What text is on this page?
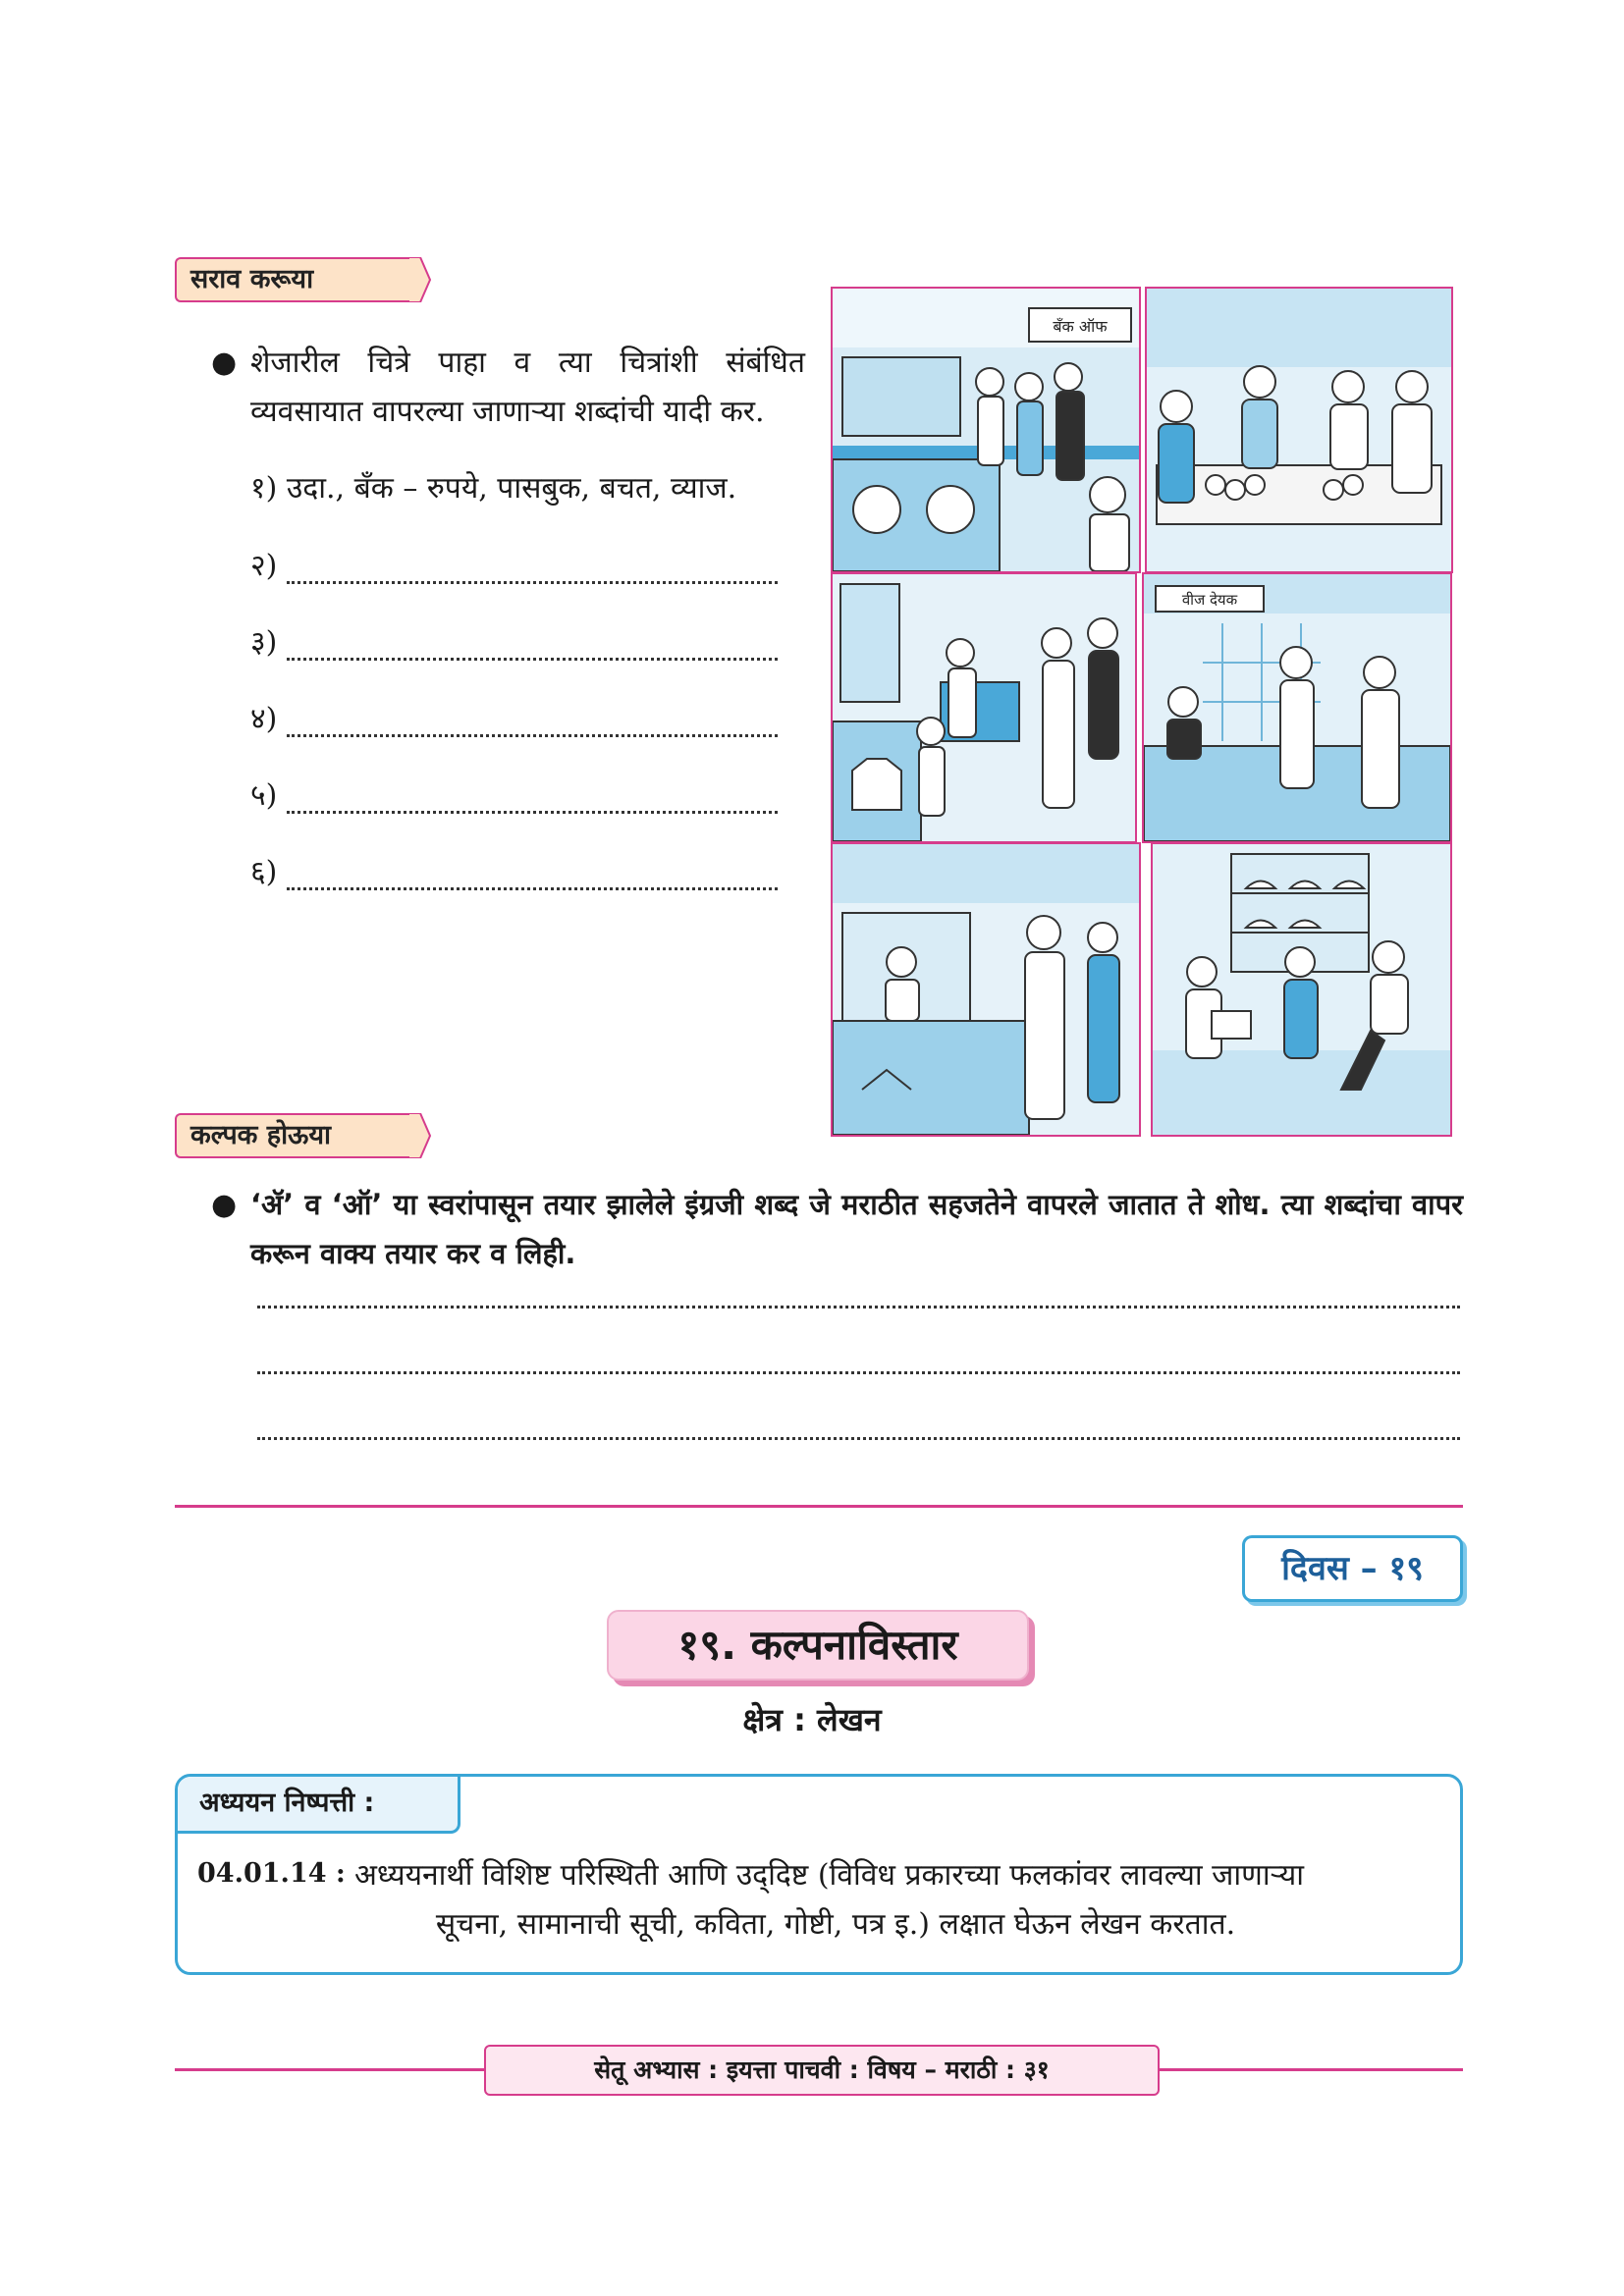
सराव करूया
● शेजारील चित्रे पाहा व त्या चित्रांशी संबंधित व्यवसायात वापरल्या जाणाऱ्या शब्दांची यादी कर.
१) उदा., बँक – रुपये, पासबुक, बचत, व्याज.
२)
३)
४)
५)
६)
बँक ऑफ
वीज देयक
कल्पक होऊया
● ‘ॲ’ व ‘ऑ’ या स्वरांपासून तयार झालेले इंग्रजी शब्द जे मराठीत सहजतेने वापरले जातात ते शोध. त्या शब्दांचा वापर करून वाक्य तयार कर व लिही.
दिवस – १९
१९. कल्पनाविस्तार
क्षेत्र : लेखन
अध्ययन निष्पत्ती :
04.01.14 : अध्ययनार्थी विशिष्ट परिस्थिती आणि उद्‌दिष्ट (विविध प्रकारच्या फलकांवर लावल्या जाणाऱ्या
सूचना, सामानाची सूची, कविता, गोष्टी, पत्र इ.) लक्षात घेऊन लेखन करतात.
सेतू अभ्यास : इयत्ता पाचवी : विषय – मराठी : ३१
